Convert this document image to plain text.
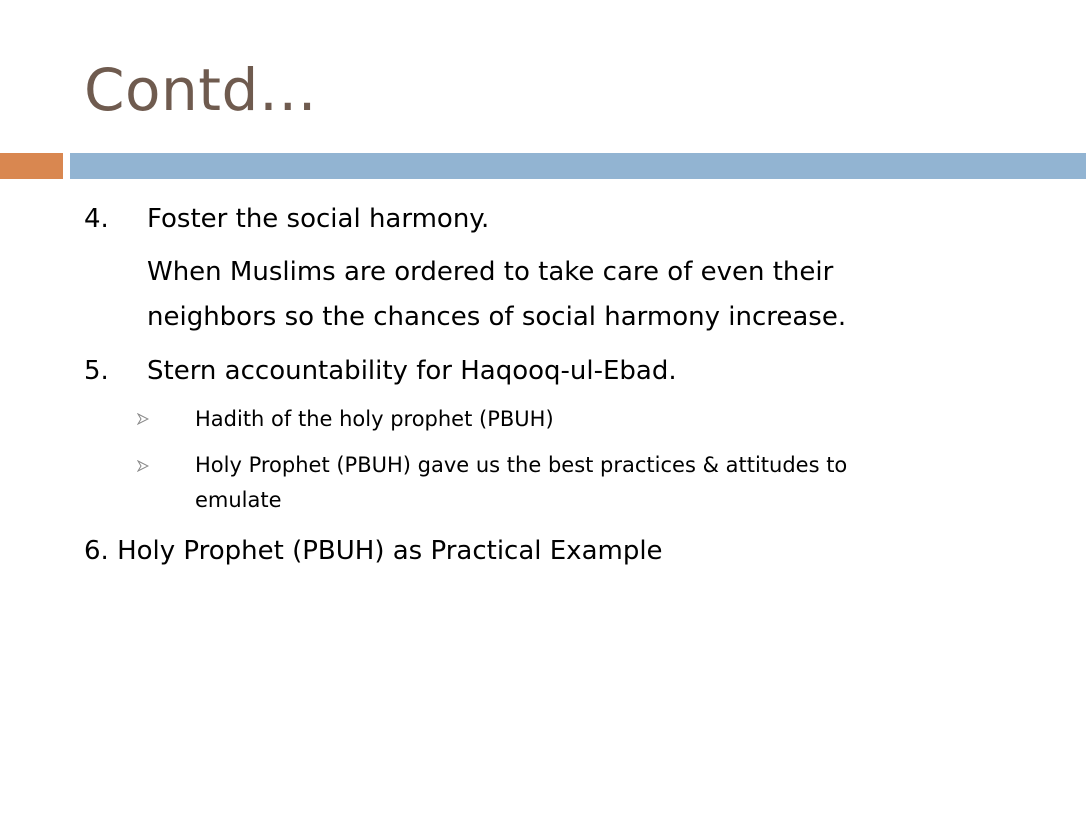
Contd…
4. Foster the social harmony.
When Muslims are ordered to take care of even their
neighbors so the chances of social harmony increase.
5. Stern accountability for Haqooq-ul-Ebad.
Hadith of the holy prophet (PBUH)
Holy Prophet (PBUH) gave us the best practices & attitudes to
emulate
6. Holy Prophet (PBUH) as Practical Example
